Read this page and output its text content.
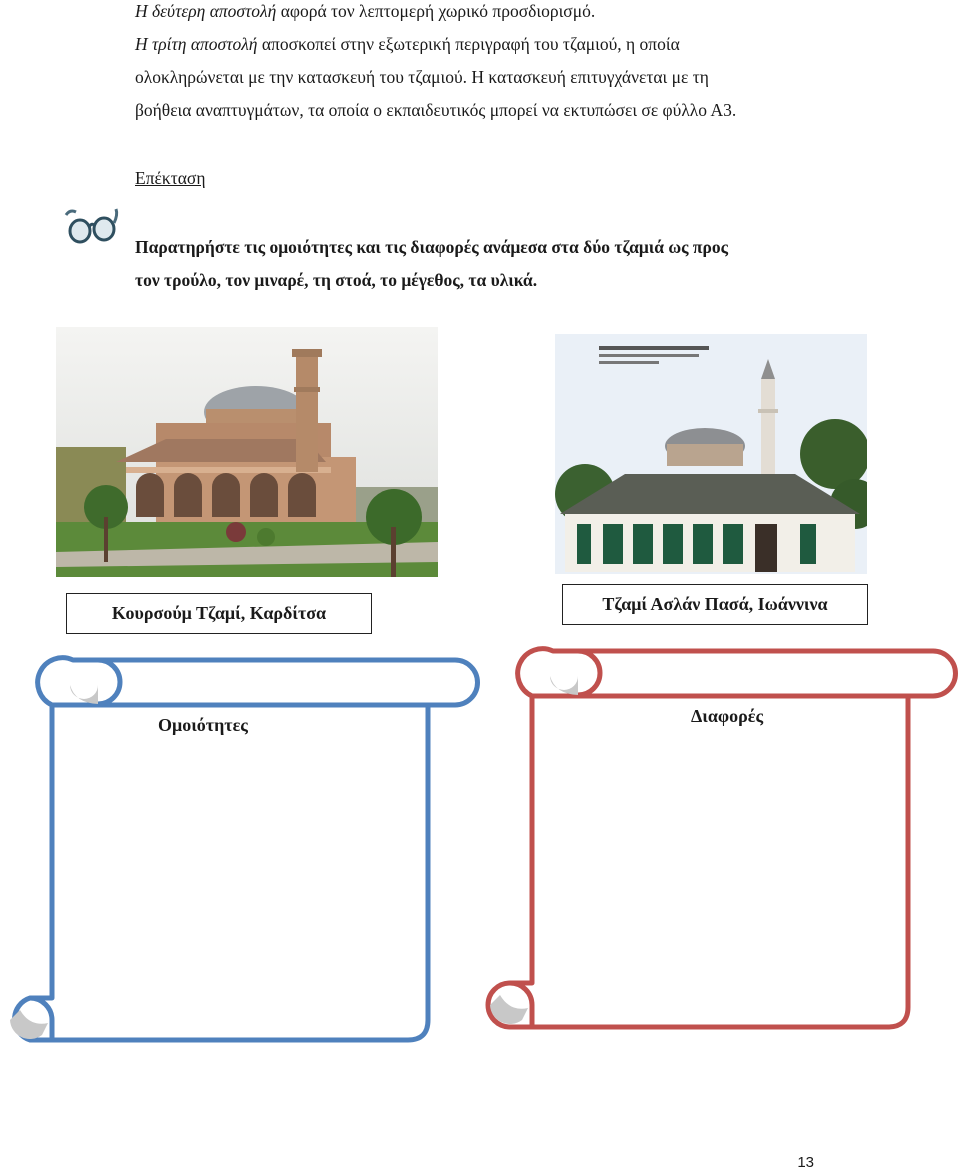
Η δεύτερη αποστολή αφορά τον λεπτομερή χωρικό προσδιορισμό.
Η τρίτη αποστολή αποσκοπεί στην εξωτερική περιγραφή του τζαμιού, η οποία
ολοκληρώνεται με την κατασκευή του τζαμιού. Η κατασκευή επιτυγχάνεται με τη
βοήθεια αναπτυγμάτων, τα οποία ο εκπαιδευτικός μπορεί να εκτυπώσει σε φύλλο Α3.
Επέκταση
Παρατηρήστε τις ομοιότητες και τις διαφορές ανάμεσα στα δύο τζαμιά ως προς
τον τρούλο, τον μιναρέ, τη στοά, το μέγεθος, τα υλικά.
Κουρσούμ Τζαμί, Καρδίτσα	Τζαμί Ασλάν Πασά, Ιωάννινα
Ομοιότητες	Διαφορές
13
